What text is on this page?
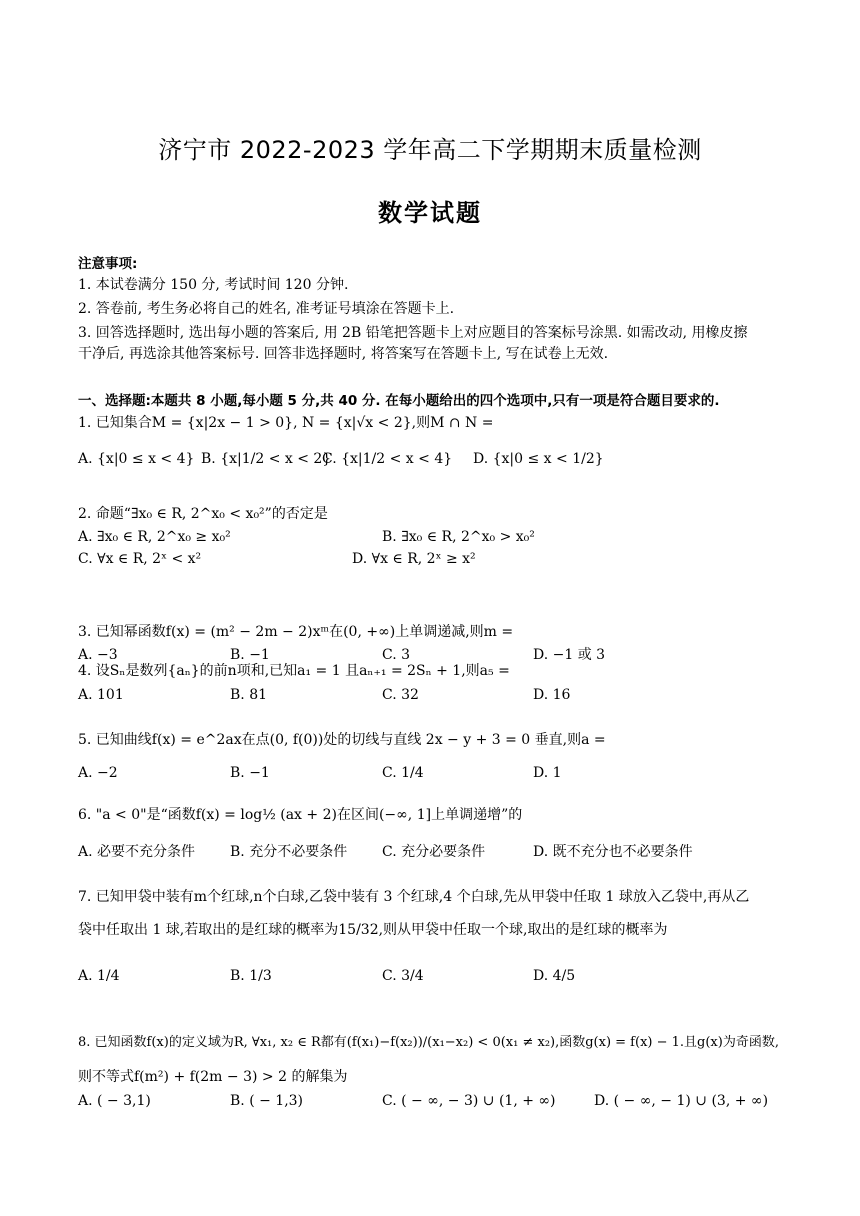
济宁市 2022-2023 学年高二下学期期末质量检测
数学试题
注意事项:
1. 本试卷满分 150 分, 考试时间 120 分钟.
2. 答卷前, 考生务必将自己的姓名, 准考证号填涂在答题卡上.
3. 回答选择题时, 选出每小题的答案后, 用 2B 铅笔把答题卡上对应题目的答案标号涂黑. 如需改动, 用橡皮擦
干净后, 再选涂其他答案标号. 回答非选择题时, 将答案写在答题卡上, 写在试卷上无效.
一、选择题:本题共 8 小题,每小题 5 分,共 40 分. 在每小题给出的四个选项中,只有一项是符合题目要求的.
1. 已知集合M = {x|2x − 1 > 0}, N = {x|√x < 2},则M ∩ N =
A. {x|0 ≤ x < 4} B. {x|1/2 < x < 2}
C. {x|1/2 < x < 4} D. {x|0 ≤ x < 1/2}
2. 命题“∃x₀ ∈ R, 2^x₀ < x₀²”的否定是
A. ∃x₀ ∈ R, 2^x₀ ≥ x₀²	B. ∃x₀ ∈ R, 2^x₀ > x₀²
C. ∀x ∈ R, 2ˣ < x²	D. ∀x ∈ R, 2ˣ ≥ x²
3. 已知幂函数f(x) = (m² − 2m − 2)xᵐ在(0, +∞)上单调递减,则m =
A. −3	B. −1	C. 3	D. −1 或 3
4. 设Sₙ是数列{aₙ}的前n项和,已知a₁ = 1 且aₙ₊₁ = 2Sₙ + 1,则a₅ =
A. 101	B. 81	C. 32	D. 16
5. 已知曲线f(x) = e^2ax在点(0, f(0))处的切线与直线 2x − y + 3 = 0 垂直,则a =
A. −2	B. −1	C. 1/4	D. 1
6. "a < 0"是“函数f(x) = log½ (ax + 2)在区间(−∞, 1]上单调递增”的
A. 必要不充分条件 B. 充分不必要条件 C. 充分必要条件	D. 既不充分也不必要条件
7. 已知甲袋中装有m个红球,n个白球,乙袋中装有 3 个红球,4 个白球,先从甲袋中任取 1 球放入乙袋中,再从乙
袋中任取出 1 球,若取出的是红球的概率为15/32,则从甲袋中任取一个球,取出的是红球的概率为
A. 1/4	B. 1/3	C. 3/4	D. 4/5
8. 已知函数f(x)的定义域为R, ∀x₁, x₂ ∈ R都有(f(x₁)−f(x₂))/(x₁−x₂) < 0(x₁ ≠ x₂),函数g(x) = f(x) − 1.且g(x)为奇函数,
则不等式f(m²) + f(2m − 3) > 2 的解集为
A. ( − 3,1)	B. ( − 1,3)	C. ( − ∞, − 3) ∪ (1, + ∞)	D. ( − ∞, − 1) ∪ (3, + ∞)
